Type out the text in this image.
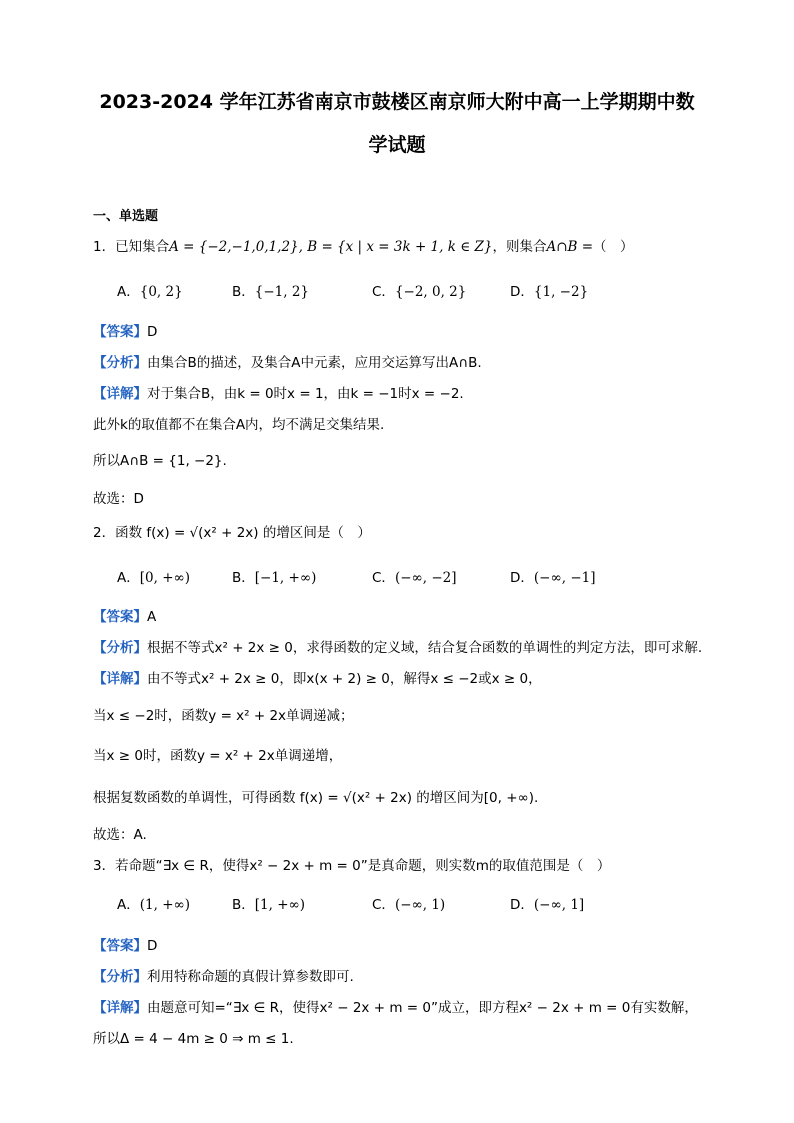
2023-2024 学年江苏省南京市鼓楼区南京师大附中高一上学期期中数
学试题
一、单选题
1．已知集合A = {−2,−1,0,1,2}, B = {x | x = 3k + 1, k ∈ Z}，则集合A∩B =（　）
A．{0, 2}	B．{−1, 2}	C．{−2, 0, 2}	D．{1, −2}
【答案】D
【分析】由集合B的描述，及集合A中元素，应用交运算写出A∩B.
【详解】对于集合B，由k = 0时x = 1，由k = −1时x = −2.
此外k的取值都不在集合A内，均不满足交集结果.
所以A∩B = {1, −2}.
故选：D
2．函数 f(x) = √(x² + 2x) 的增区间是（　）
A．[0, +∞)	B．[−1, +∞)	C．(−∞, −2]	D．(−∞, −1]
【答案】A
【分析】根据不等式x² + 2x ≥ 0，求得函数的定义域，结合复合函数的单调性的判定方法，即可求解.
【详解】由不等式x² + 2x ≥ 0，即x(x + 2) ≥ 0，解得x ≤ −2或x ≥ 0，
当x ≤ −2时，函数y = x² + 2x单调递减；
当x ≥ 0时，函数y = x² + 2x单调递增，
根据复数函数的单调性，可得函数 f(x) = √(x² + 2x) 的增区间为[0, +∞).
故选：A.
3．若命题“∃x ∈ R，使得x² − 2x + m = 0”是真命题，则实数m的取值范围是（　）
A．(1, +∞)	B．[1, +∞)	C．(−∞, 1)	D．(−∞, 1]
【答案】D
【分析】利用特称命题的真假计算参数即可.
【详解】由题意可知=“∃x ∈ R，使得x² − 2x + m = 0”成立，即方程x² − 2x + m = 0有实数解，
所以Δ = 4 − 4m ≥ 0 ⇒ m ≤ 1.
